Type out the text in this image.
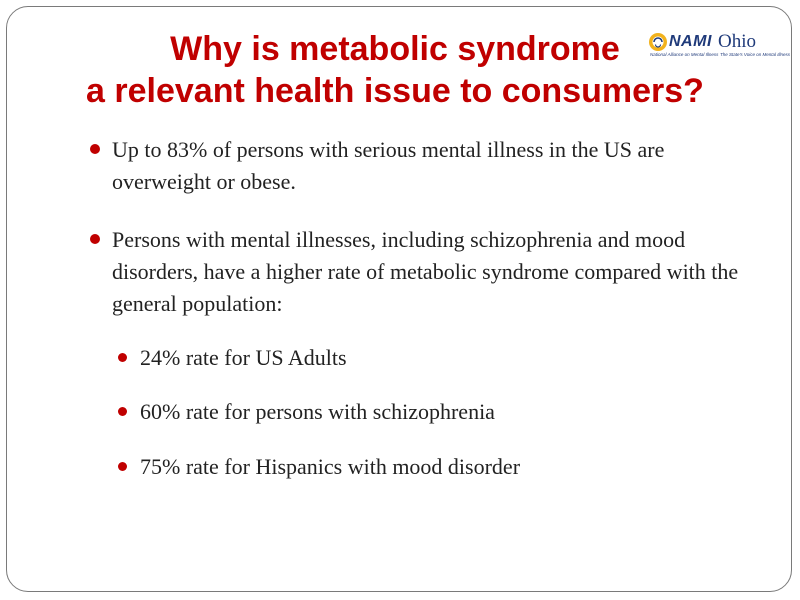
Why is metabolic syndrome
a relevant health issue to consumers?
NAMI Ohio
National Alliance on Mental Illness The State's Voice on Mental Illness
Up to 83% of persons with serious mental illness in the US are overweight or obese.
Persons with mental illnesses, including schizophrenia and mood disorders, have a higher rate of metabolic syndrome compared with the general population:
24% rate for US Adults
60% rate for persons with schizophrenia
75% rate for Hispanics with mood disorder
